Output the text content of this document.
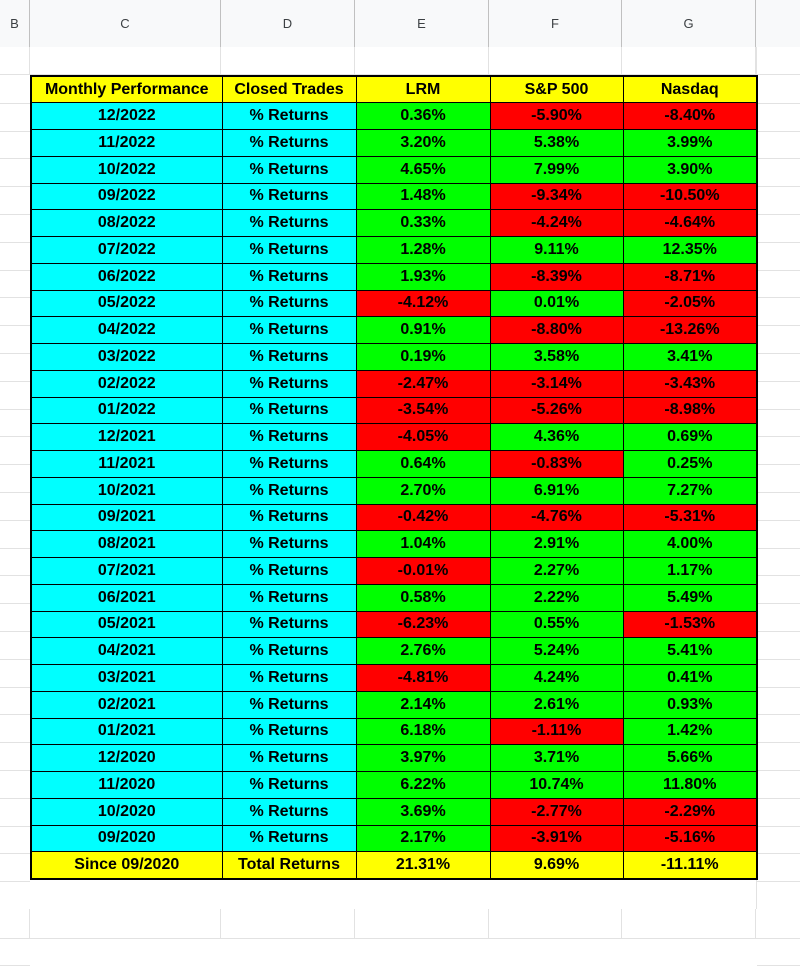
B	C	D	E	F	G
Monthly Performance	Closed Trades	LRM	S&P 500	Nasdaq
12/2022	% Returns	0.36%	-5.90%	-8.40%
11/2022	% Returns	3.20%	5.38%	3.99%
10/2022	% Returns	4.65%	7.99%	3.90%
09/2022	% Returns	1.48%	-9.34%	-10.50%
08/2022	% Returns	0.33%	-4.24%	-4.64%
07/2022	% Returns	1.28%	9.11%	12.35%
06/2022	% Returns	1.93%	-8.39%	-8.71%
05/2022	% Returns	-4.12%	0.01%	-2.05%
04/2022	% Returns	0.91%	-8.80%	-13.26%
03/2022	% Returns	0.19%	3.58%	3.41%
02/2022	% Returns	-2.47%	-3.14%	-3.43%
01/2022	% Returns	-3.54%	-5.26%	-8.98%
12/2021	% Returns	-4.05%	4.36%	0.69%
11/2021	% Returns	0.64%	-0.83%	0.25%
10/2021	% Returns	2.70%	6.91%	7.27%
09/2021	% Returns	-0.42%	-4.76%	-5.31%
08/2021	% Returns	1.04%	2.91%	4.00%
07/2021	% Returns	-0.01%	2.27%	1.17%
06/2021	% Returns	0.58%	2.22%	5.49%
05/2021	% Returns	-6.23%	0.55%	-1.53%
04/2021	% Returns	2.76%	5.24%	5.41%
03/2021	% Returns	-4.81%	4.24%	0.41%
02/2021	% Returns	2.14%	2.61%	0.93%
01/2021	% Returns	6.18%	-1.11%	1.42%
12/2020	% Returns	3.97%	3.71%	5.66%
11/2020	% Returns	6.22%	10.74%	11.80%
10/2020	% Returns	3.69%	-2.77%	-2.29%
09/2020	% Returns	2.17%	-3.91%	-5.16%
Since 09/2020	Total Returns	21.31%	9.69%	-11.11%
